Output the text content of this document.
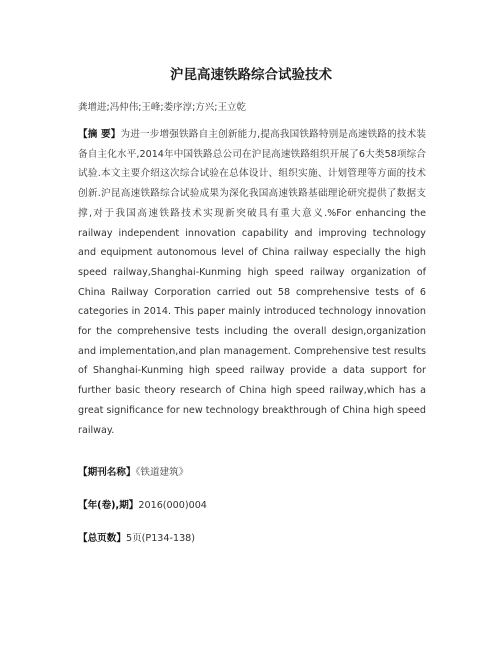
沪昆高速铁路综合试验技术
龚增进;冯仲伟;王峰;娄序淳;方兴;王立乾
【摘 要】为进一步增强铁路自主创新能力,提高我国铁路特别是高速铁路的技术装备自主化水平,2014年中国铁路总公司在沪昆高速铁路组织开展了6大类58项综合试验.本文主要介绍这次综合试验在总体设计、组织实施、计划管理等方面的技术创新.沪昆高速铁路综合试验成果为深化我国高速铁路基础理论研究提供了数据支撑,对于我国高速铁路技术实现新突破具有重大意义.%For enhancing the railway independent innovation capability and improving technology and equipment autonomous level of China railway especially the high speed railway,Shanghai-Kunming high speed railway organization of China Railway Corporation carried out 58 comprehensive tests of 6 categories in 2014. This paper mainly introduced technology innovation for the comprehensive tests including the overall design,organization and implementation,and plan management. Comprehensive test results of Shanghai-Kunming high speed railway provide a data support for further basic theory research of China high speed railway,which has a great significance for new technology breakthrough of China high speed railway.
【期刊名称】《铁道建筑》
【年(卷),期】2016(000)004
【总页数】5页(P134-138)
